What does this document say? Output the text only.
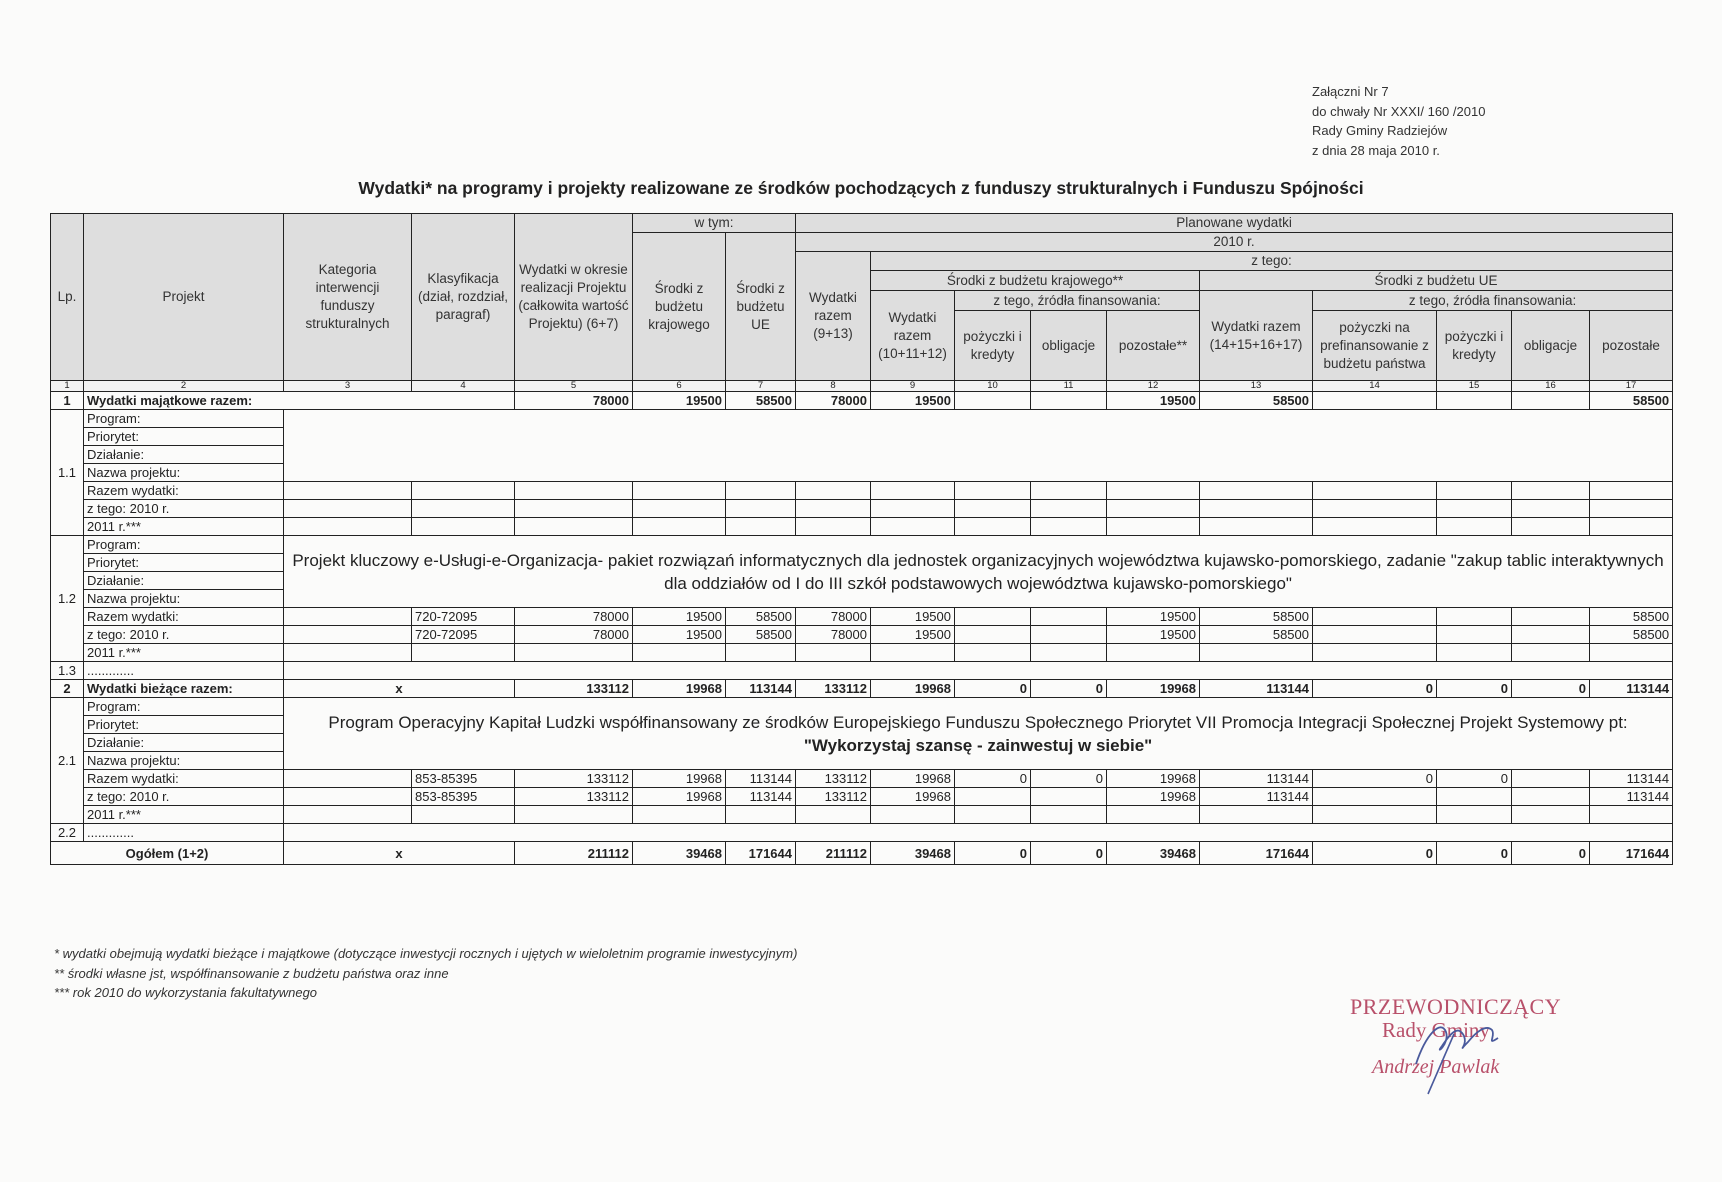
Załączni Nr 7
do chwały Nr XXXI/ 160 /2010
Rady Gminy Radziejów
z dnia 28 maja 2010 r.
Wydatki* na programy i projekty realizowane ze środków pochodzących z funduszy strukturalnych i Funduszu Spójności
Lp.	Projekt	Kategoria interwencji funduszy strukturalnych	Klasyfikacja (dział, rozdział, paragraf)	Wydatki w okresie realizacji Projektu (całkowita wartość Projektu) (6+7)	w tym:		Planowane wydatki									
					Środki z budżetu krajowego	Środki z budżetu UE	2010 r.									
							Wydatki razem (9+13)	z tego:								
								Środki z budżetu krajowego**				Środki z budżetu UE				
								Wydatki razem (10+11+12)	z tego, źródła finansowania:			Wydatki razem (14+15+16+17)	z tego, źródła finansowania:			
									pożyczki i kredyty	obligacje	pozostałe**		pożyczki na prefinansowanie z budżetu państwa	pożyczki i kredyty	obligacje	pozostałe
1	2	3	4	5	6	7	8	9	10	11	12	13	14	15	16	17
1	Wydatki majątkowe razem:			78000	19500	58500	78000	19500			19500	58500				58500
1.1	Program:															
	Priorytet:															
	Działanie:															
	Nazwa projektu:															
	Razem wydatki:															
	z tego: 2010 r.															
	2011 r.***															
1.2	Program:	Projekt kluczowy e-Usługi-e-Organizacja- pakiet rozwiązań informatycznych dla jednostek organizacyjnych województwa kujawsko-pomorskiego, zadanie "zakup tablic interaktywnych dla oddziałów od I do III szkół podstawowych województwa kujawsko-pomorskiego"														
	Priorytet:															
	Działanie:															
	Nazwa projektu:															
	Razem wydatki:		720-72095	78000	19500	58500	78000	19500			19500	58500				58500
	z tego: 2010 r.		720-72095	78000	19500	58500	78000	19500			19500	58500				58500
	2011 r.***															
1.3	.............															
2	Wydatki bieżące razem:	x		133112	19968	113144	133112	19968	0	0	19968	113144	0	0	0	113144
2.1	Program:	Program Operacyjny Kapitał Ludzki współfinansowany ze środków Europejskiego Funduszu Społecznego Priorytet VII Promocja Integracji Społecznej Projekt Systemowy pt:
"Wykorzystaj szansę - zainwestuj w siebie"														

	Priorytet:															
	Działanie:															
	Nazwa projektu:															
	Razem wydatki:		853-85395	133112	19968	113144	133112	19968	0	0	19968	113144	0	0		113144
	z tego: 2010 r.		853-85395	133112	19968	113144	133112	19968			19968	113144				113144
	2011 r.***															
2.2	.............															
Ogółem (1+2)		x		211112	39468	171644	211112	39468	0	0	39468	171644	0	0	0	171644
* wydatki obejmują wydatki bieżące i majątkowe (dotyczące inwestycji rocznych i ujętych w wieloletnim programie inwestycyjnym)
** środki własne jst, współfinansowanie z budżetu państwa oraz inne
*** rok 2010 do wykorzystania fakultatywnego
PRZEWODNICZĄCY
Rady Gminy
Andrzej Pawlak
